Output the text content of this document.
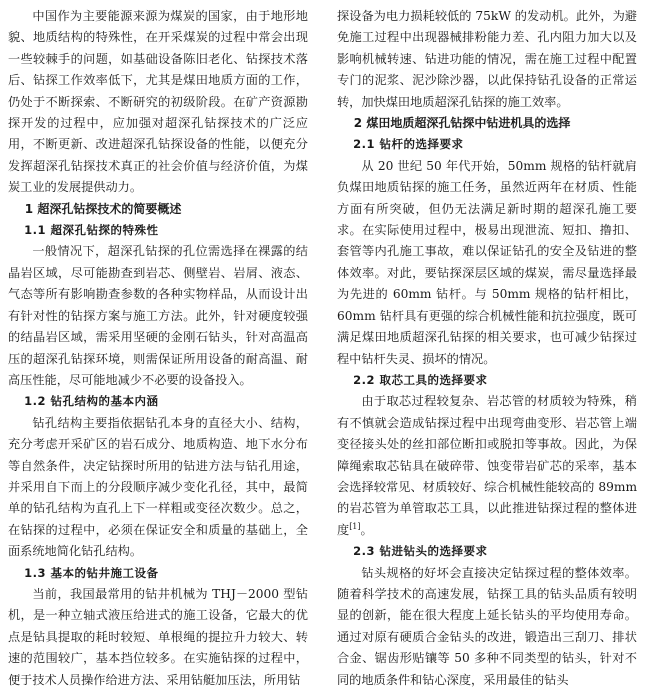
中国作为主要能源来源为煤炭的国家，由于地形地貌、地质结构的特殊性，在开采煤炭的过程中常会出现一些较棘手的问题，如基础设备陈旧老化、钻探技术落后、钻探工作效率低下，尤其是煤田地质方面的工作，仍处于不断探索、不断研究的初级阶段。在矿产资源勘探开发的过程中，应加强对超深孔钻探技术的广泛应用，不断更新、改进超深孔钻探设备的性能，以便充分发挥超深孔钻探技术真正的社会价值与经济价值，为煤炭工业的发展提供动力。

1 超深孔钻探技术的简要概述

1.1 超深孔钻探的特殊性

一般情况下，超深孔钻探的孔位需选择在裸露的结晶岩区域，尽可能勘查到岩芯、侧壁岩、岩屑、液态、气态等所有影响勘查参数的各种实物样品，从而设计出有针对性的钻探方案与施工方法。此外，针对硬度较强的结晶岩区域，需采用坚硬的金刚石钻头，针对高温高压的超深孔钻探环境，则需保证所用设备的耐高温、耐高压性能，尽可能地减少不必要的设备投入。

1.2 钻孔结构的基本内涵

钻孔结构主要指依据钻孔本身的直径大小、结构，充分考虑开采矿区的岩石成分、地质构造、地下水分布等自然条件，决定钻探时所用的钻进方法与钻孔用途，并采用自下而上的分段顺序减少变化孔径，其中，最简单的钻孔结构为直孔上下一样粗或变径次数少。总之，在钻探的过程中，必须在保证安全和质量的基础上，全面系统地简化钻孔结构。

1.3 基本的钻井施工设备

当前，我国最常用的钻井机械为 THJ－2000 型钻机，是一种立轴式液压给进式的施工设备，它最大的优点是钻具提取的耗时较短、单根绳的提拉升力较大、转速的范围较广，基本挡位较多。在实施钻探的过程中，便于技术人员操作给进方法、采用钻艇加压法，所用钻

探设备为电力损耗较低的 75kW 的发动机。此外，为避免施工过程中出现器械排粉能力差、孔内阻力加大以及影响机械转速、钻进功能的情况，需在施工过程中配置专门的泥浆、泥沙除沙器，以此保持钻孔设备的正常运转，加快煤田地质超深孔钻探的施工效率。

2 煤田地质超深孔钻探中钻进机具的选择

2.1 钻杆的选择要求

从 20 世纪 50 年代开始，50mm 规格的钻杆就肩负煤田地质钻探的施工任务，虽然近两年在材质、性能方面有所突破，但仍无法满足新时期的超深孔施工要求。在实际使用过程中，极易出现泄流、短扣、撸扣、套管等内孔施工事故，难以保证钻孔的安全及钻进的整体效率。对此，要钻探深层区域的煤炭，需尽量选择最为先进的 60mm 钻杆。与 50mm 规格的钻杆相比，60mm 钻杆具有更强的综合机械性能和抗拉强度，既可满足煤田地质超深孔钻探的相关要求，也可减少钻探过程中钻杆失灵、损坏的情况。

2.2 取芯工具的选择要求

由于取芯过程较复杂、岩芯管的材质较为特殊，稍有不慎就会造成钻探过程中出现弯曲变形、岩芯管上端变径接头处的丝扣部位断扣或脱扣等事故。因此，为保障绳索取芯钻具在破碎带、蚀变带岩矿芯的采率，基本会选择较常见、材质较好、综合机械性能较高的 89mm 的岩芯管为单管取芯工具，以此推进钻探过程的整体进度[1]。

2.3 钻进钻头的选择要求

钻头规格的好坏会直接决定钻探过程的整体效率。随着科学技术的高速发展，钻探工具的钻头品质有较明显的创新，能在很大程度上延长钻头的平均使用寿命。通过对原有硬质合金钻头的改进，锻造出三刮刀、排状合金、锯齿形贴镶等 50 多种不同类型的钻头，针对不同的地质条件和钻心深度，采用最佳的钻头
